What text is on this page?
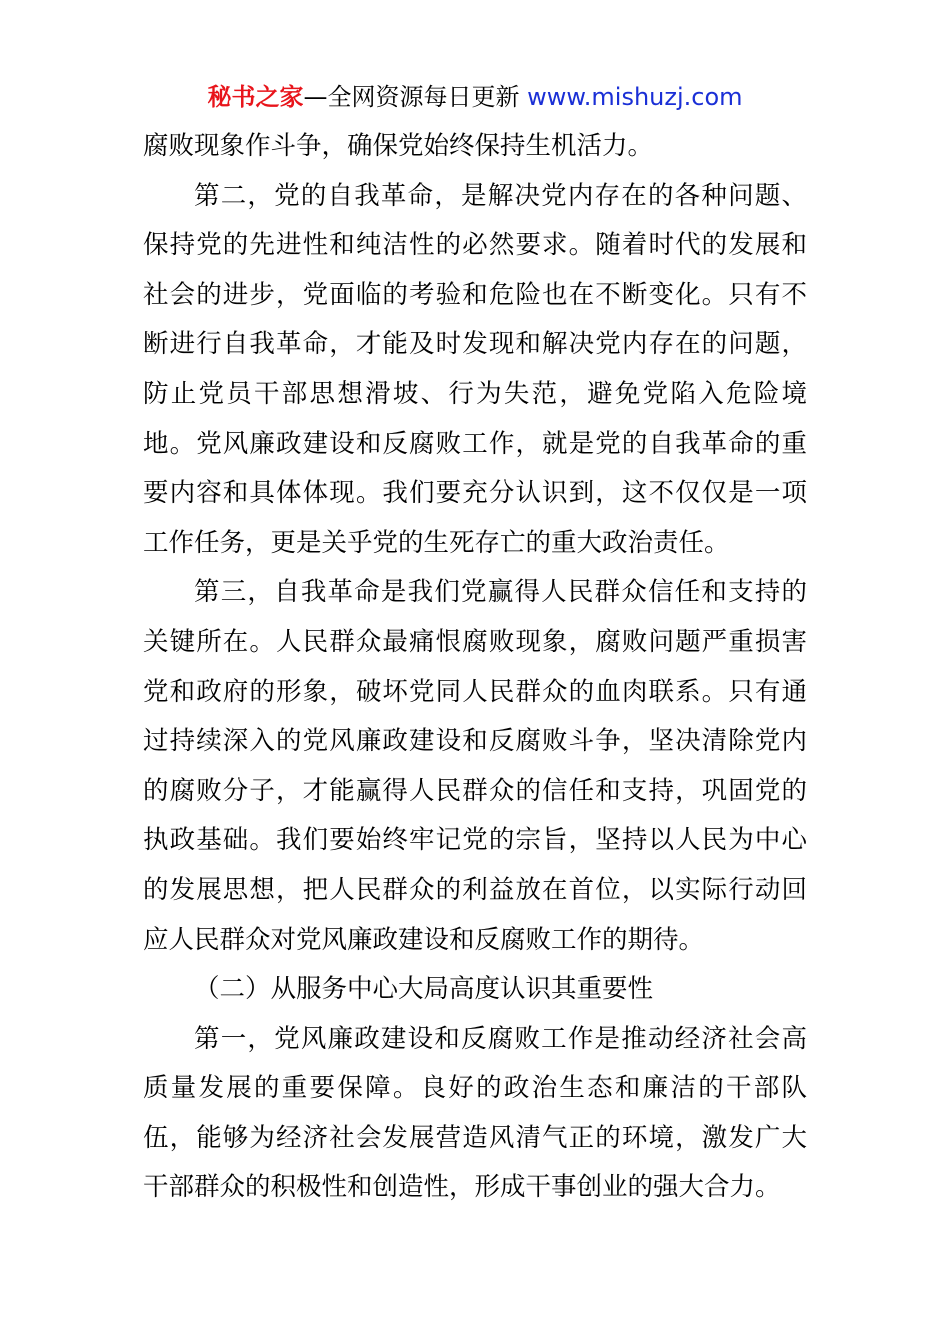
秘书之家—全网资源每日更新 www.mishuzj.com
腐败现象作斗争，确保党始终保持生机活力。
第二，党的自我革命，是解决党内存在的各种问题、
保持党的先进性和纯洁性的必然要求。随着时代的发展和
社会的进步，党面临的考验和危险也在不断变化。只有不
断进行自我革命，才能及时发现和解决党内存在的问题，
防止党员干部思想滑坡、行为失范，避免党陷入危险境
地。党风廉政建设和反腐败工作，就是党的自我革命的重
要内容和具体体现。我们要充分认识到，这不仅仅是一项
工作任务，更是关乎党的生死存亡的重大政治责任。
第三，自我革命是我们党赢得人民群众信任和支持的
关键所在。人民群众最痛恨腐败现象，腐败问题严重损害
党和政府的形象，破坏党同人民群众的血肉联系。只有通
过持续深入的党风廉政建设和反腐败斗争，坚决清除党内
的腐败分子，才能赢得人民群众的信任和支持，巩固党的
执政基础。我们要始终牢记党的宗旨，坚持以人民为中心
的发展思想，把人民群众的利益放在首位，以实际行动回
应人民群众对党风廉政建设和反腐败工作的期待。
（二）从服务中心大局高度认识其重要性
第一，党风廉政建设和反腐败工作是推动经济社会高
质量发展的重要保障。良好的政治生态和廉洁的干部队
伍，能够为经济社会发展营造风清气正的环境，激发广大
干部群众的积极性和创造性，形成干事创业的强大合力。
